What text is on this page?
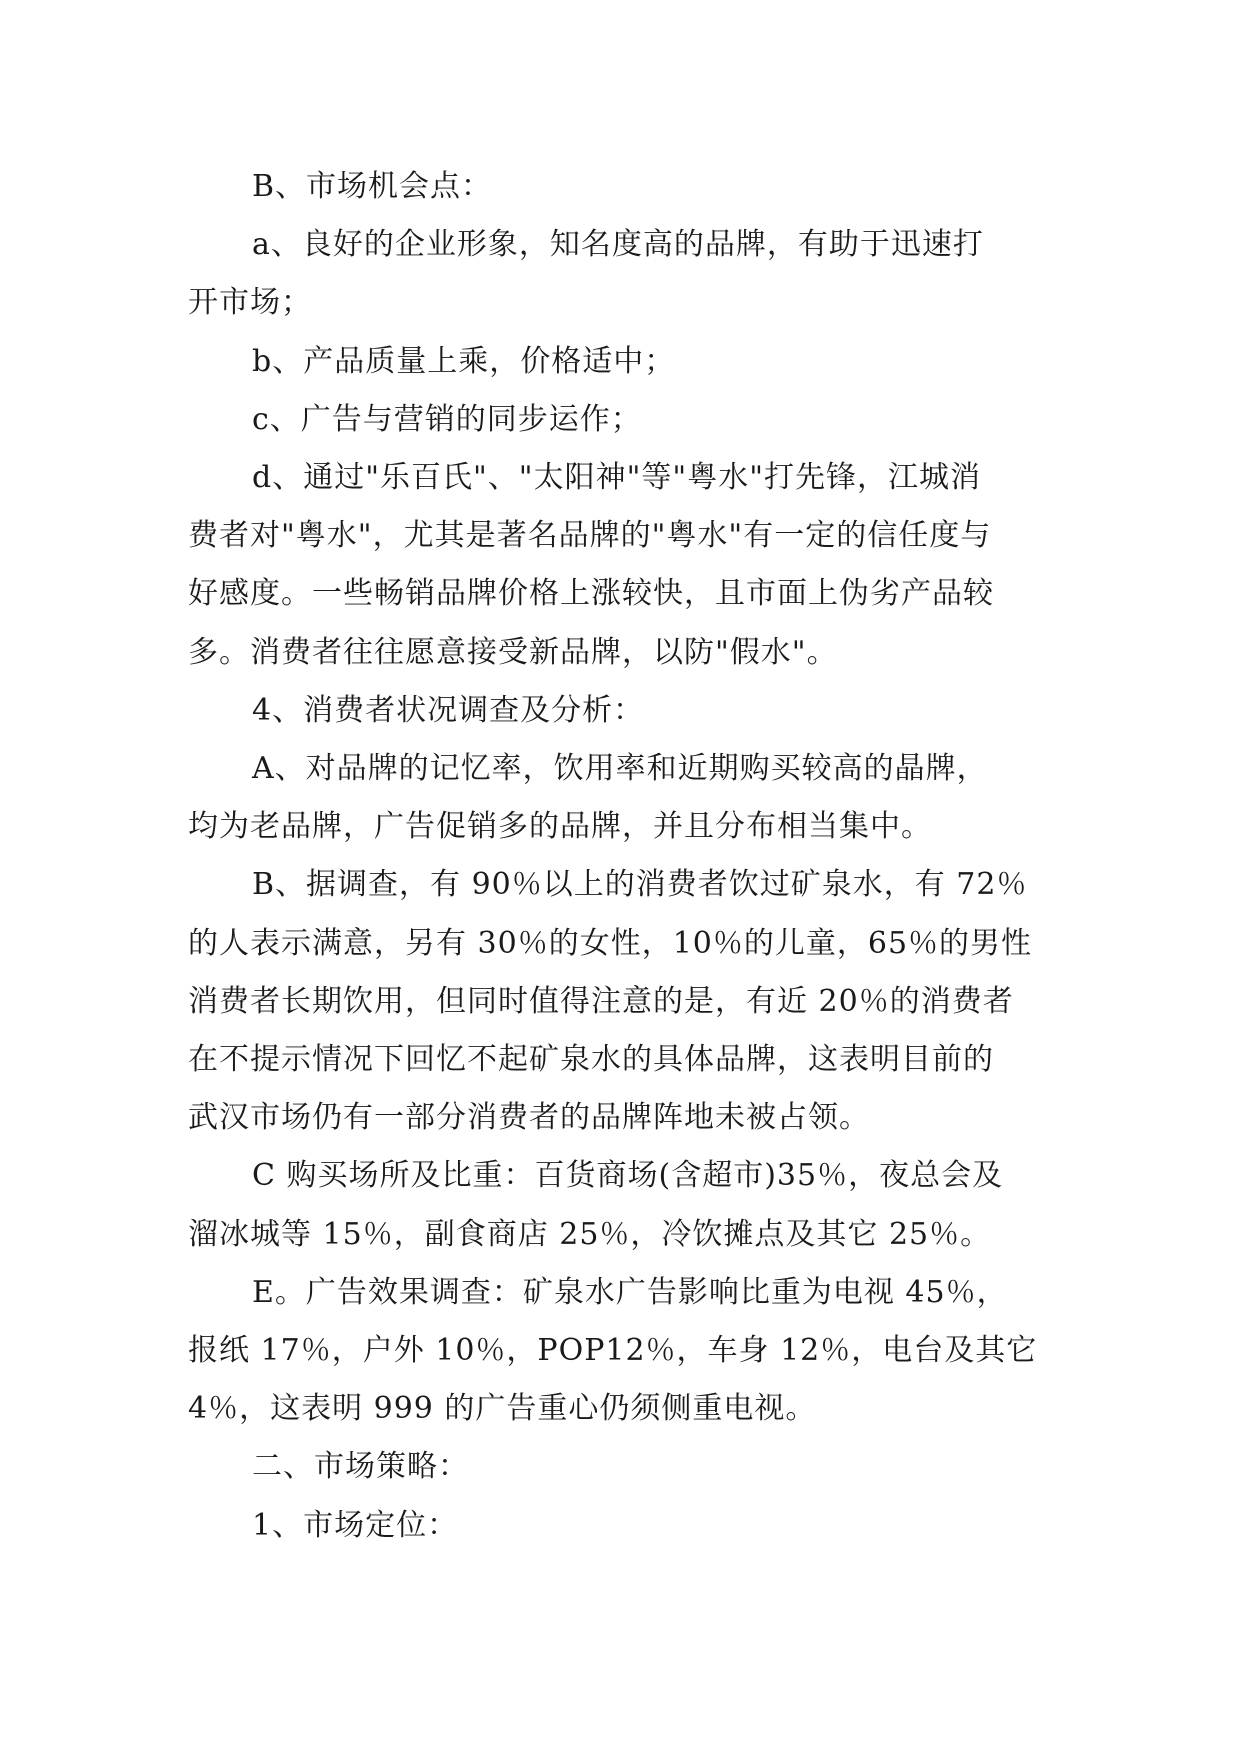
B、市场机会点：
a、良好的企业形象，知名度高的品牌，有助于迅速打
开市场；
b、产品质量上乘，价格适中；
c、广告与营销的同步运作；
d、通过"乐百氏"、"太阳神"等"粤水"打先锋，江城消
费者对"粤水"，尤其是著名品牌的"粤水"有一定的信任度与
好感度。一些畅销品牌价格上涨较快，且市面上伪劣产品较
多。消费者往往愿意接受新品牌，以防"假水"。
4、消费者状况调查及分析：
A、对品牌的记忆率，饮用率和近期购买较高的晶牌，
均为老品牌，广告促销多的品牌，并且分布相当集中。
B、据调查，有 90％以上的消费者饮过矿泉水，有 72％
的人表示满意，另有 30％的女性，10％的儿童，65％的男性
消费者长期饮用，但同时值得注意的是，有近 20％的消费者
在不提示情况下回忆不起矿泉水的具体品牌，这表明目前的
武汉市场仍有一部分消费者的品牌阵地未被占领。
C 购买场所及比重：百货商场(含超市)35％，夜总会及
溜冰城等 15％，副食商店 25％，冷饮摊点及其它 25％。
E。广告效果调查：矿泉水广告影响比重为电视 45％，
报纸 17％，户外 10％，POP12％，车身 12％，电台及其它
4％，这表明 999 的广告重心仍须侧重电视。
二、市场策略：
1、市场定位：
